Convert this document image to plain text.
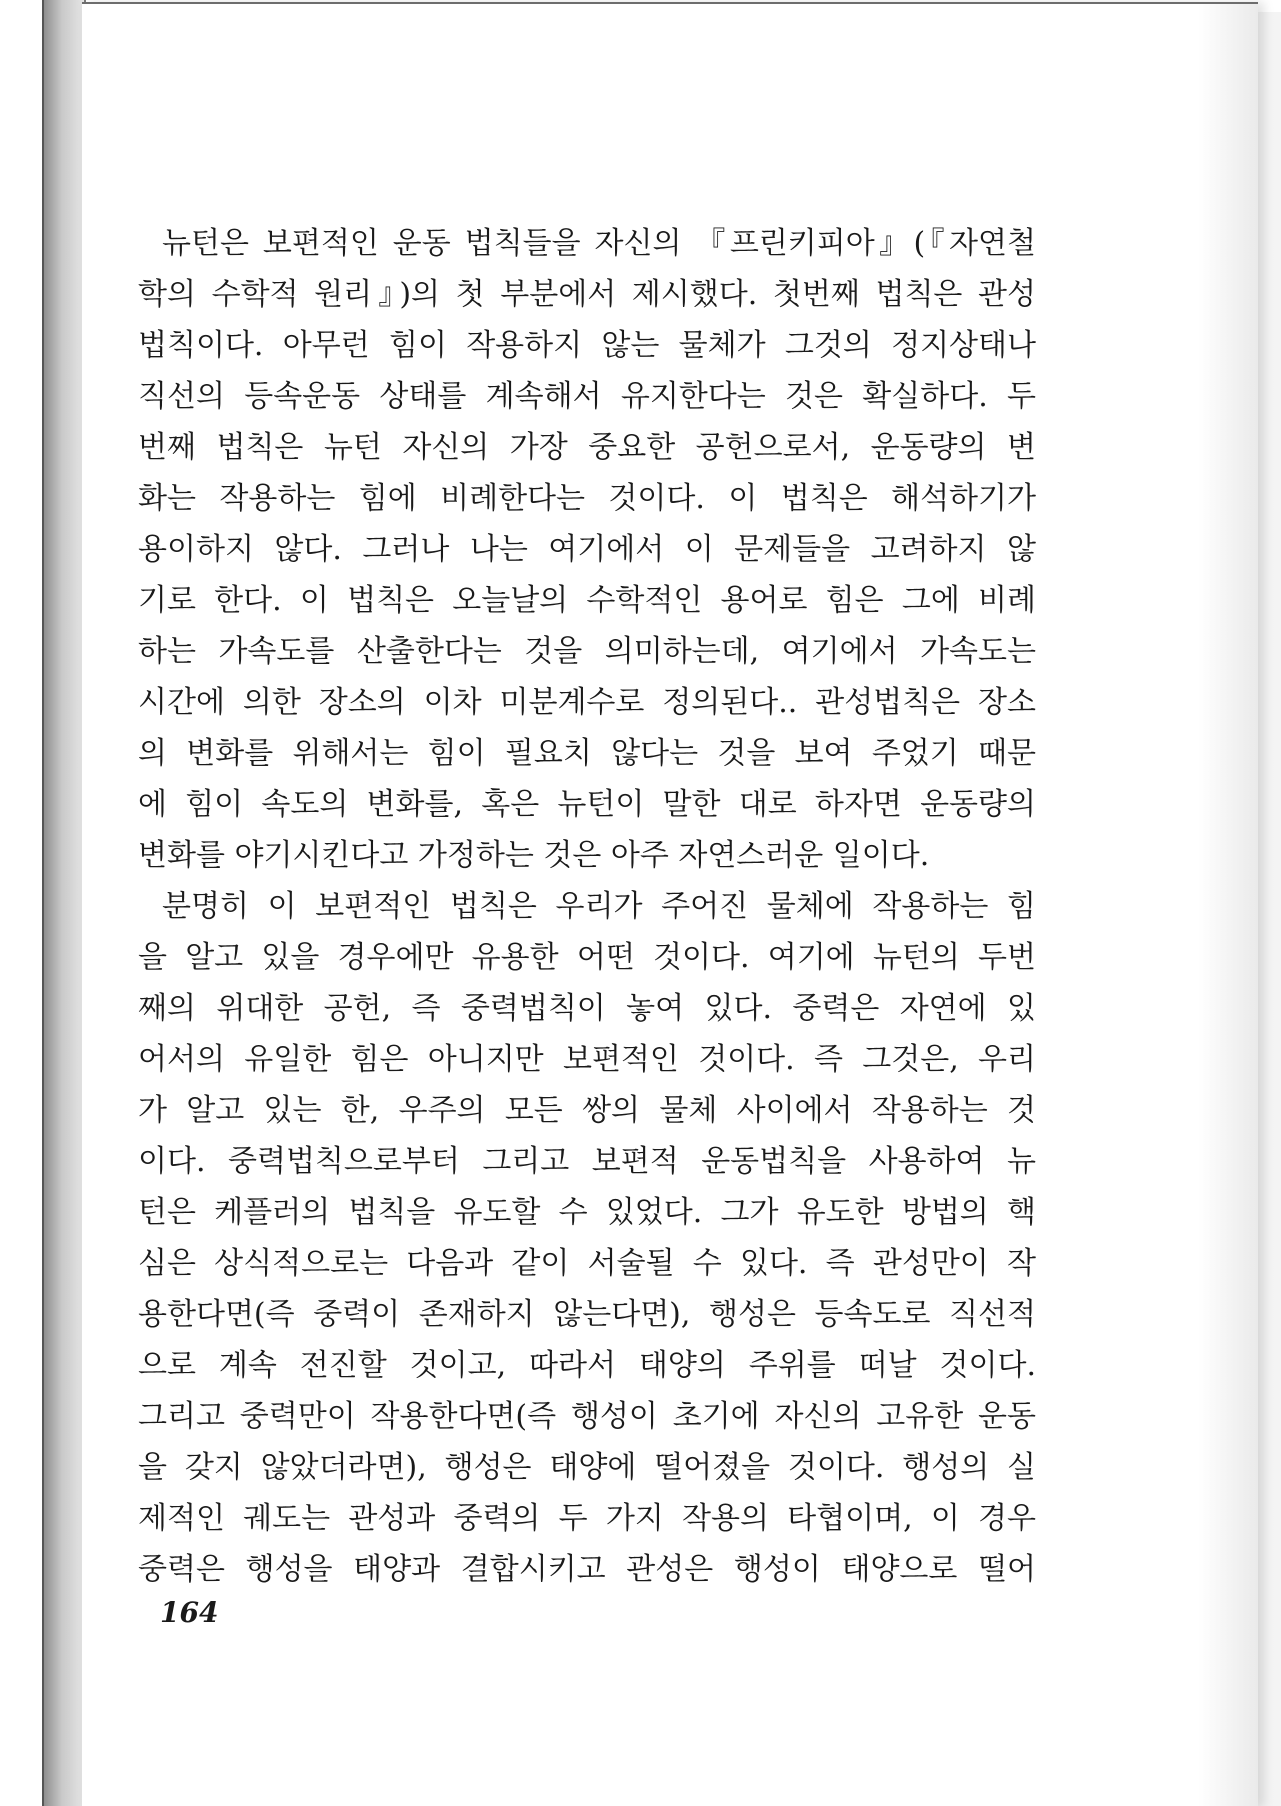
뉴턴은 보편적인 운동 법칙들을 자신의 『프린키피아』(『자연철
학의 수학적 원리』)의 첫 부분에서 제시했다. 첫번째 법칙은 관성
법칙이다. 아무런 힘이 작용하지 않는 물체가 그것의 정지상태나
직선의 등속운동 상태를 계속해서 유지한다는 것은 확실하다. 두
번째 법칙은 뉴턴 자신의 가장 중요한 공헌으로서, 운동량의 변
화는 작용하는 힘에 비례한다는 것이다. 이 법칙은 해석하기가
용이하지 않다. 그러나 나는 여기에서 이 문제들을 고려하지 않
기로 한다. 이 법칙은 오늘날의 수학적인 용어로 힘은 그에 비례
하는 가속도를 산출한다는 것을 의미하는데, 여기에서 가속도는
시간에 의한 장소의 이차 미분계수로 정의된다.. 관성법칙은 장소
의 변화를 위해서는 힘이 필요치 않다는 것을 보여 주었기 때문
에 힘이 속도의 변화를, 혹은 뉴턴이 말한 대로 하자면 운동량의
변화를 야기시킨다고 가정하는 것은 아주 자연스러운 일이다.
분명히 이 보편적인 법칙은 우리가 주어진 물체에 작용하는 힘
을 알고 있을 경우에만 유용한 어떤 것이다. 여기에 뉴턴의 두번
째의 위대한 공헌, 즉 중력법칙이 놓여 있다. 중력은 자연에 있
어서의 유일한 힘은 아니지만 보편적인 것이다. 즉 그것은, 우리
가 알고 있는 한, 우주의 모든 쌍의 물체 사이에서 작용하는 것
이다. 중력법칙으로부터 그리고 보편적 운동법칙을 사용하여 뉴
턴은 케플러의 법칙을 유도할 수 있었다. 그가 유도한 방법의 핵
심은 상식적으로는 다음과 같이 서술될 수 있다. 즉 관성만이 작
용한다면(즉 중력이 존재하지 않는다면), 행성은 등속도로 직선적
으로 계속 전진할 것이고, 따라서 태양의 주위를 떠날 것이다.
그리고 중력만이 작용한다면(즉 행성이 초기에 자신의 고유한 운동
을 갖지 않았더라면), 행성은 태양에 떨어졌을 것이다. 행성의 실
제적인 궤도는 관성과 중력의 두 가지 작용의 타협이며, 이 경우
중력은 행성을 태양과 결합시키고 관성은 행성이 태양으로 떨어
164
